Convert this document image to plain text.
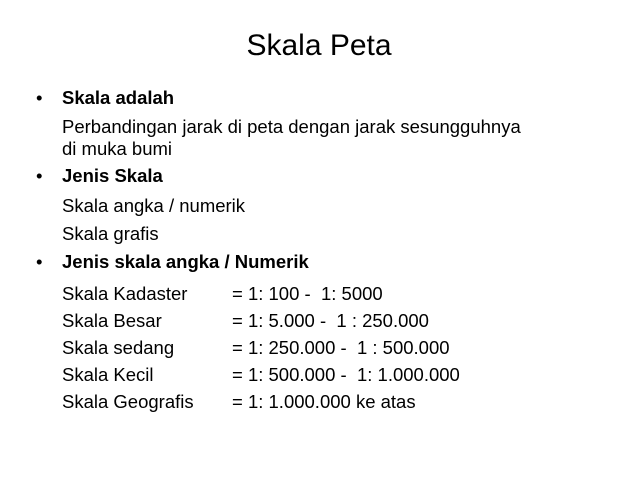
Skala Peta
• Skala adalah
Perbandingan jarak di peta dengan jarak sesungguhnya
di muka bumi
• Jenis Skala
Skala angka / numerik
Skala grafis
• Jenis skala angka / Numerik
Skala Kadaster	= 1: 100 -  1: 5000
Skala Besar	= 1: 5.000 -  1 : 250.000
Skala sedang	= 1: 250.000 -  1 : 500.000
Skala Kecil	= 1: 500.000 -  1: 1.000.000
Skala Geografis	= 1: 1.000.000 ke atas
